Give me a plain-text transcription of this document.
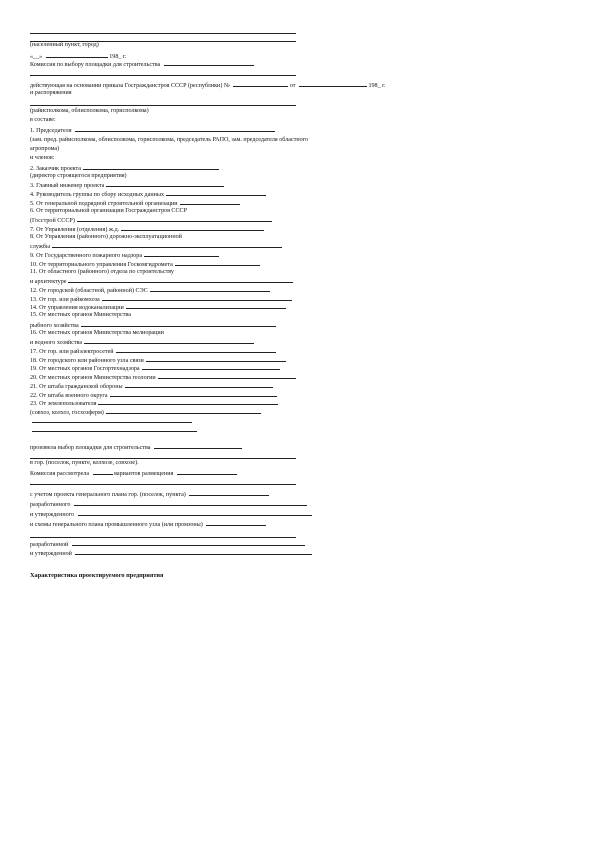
(населенный пункт, город)
«__»	198_ г.
Комиссия по выбору площадки для строительства
действующая на основании приказа Госгражданстроя СССР (республики) №	от	198_ г.
и распоряжения
(райисполкома, облисполкома, горисполкома)
в составе:
1. Председателя
(зам. пред. райисполкома, облисполкома, горисполкома, председатель РАПО, зам. председателя областного
агропрома)
и членов:
2. Заказчик проекта
(директор строящегося предприятия)
3. Главный инженер проекта
4. Руководитель группы по сбору исходных данных
5. От генеральной подрядной строительной организации
6. От территориальной организации Госгражданстроя СССР
(Госстрой СССР)
7. От Управления (отделения) ж.д.
8. От Управления (районного) дорожно-эксплуатационной
службы
9. От Государственного пожарного надзора
10. От территориального управления Госкомгидромета
11. От областного (районного) отдела по строительству
и архитектуре
12. От городской (областной, районной) СЭС
13. От гор. или райкомхоза
14. От управления водоканализации
15. От местных органов Министерства
рыбного хозяйства
16. От местных органов Министерства мелиорации
и водного хозяйства
17. От гор. или райэлектросетей
18. От городского или районного узла связи
19. От местных органов Госгортехнадзора
20. От местных органов Министерства геологии
21. От штаба гражданской обороны
22. От штаба военного округа
23. От землепользователя
(совхоз, колхоз, госхозферм)
произвела выбор площадки для строительства
в гор. (поселок, пункте, колхозе, совхозе).
Комиссия рассмотрела	вариантов размещения
с учетом проекта генерального плана гор. (поселок, пункта)
разработанного
и утвержденного
и схемы генерального плана промышленного узла (или промзоны)
разработанной
и утвержденной
Характеристика проектируемого предприятия
